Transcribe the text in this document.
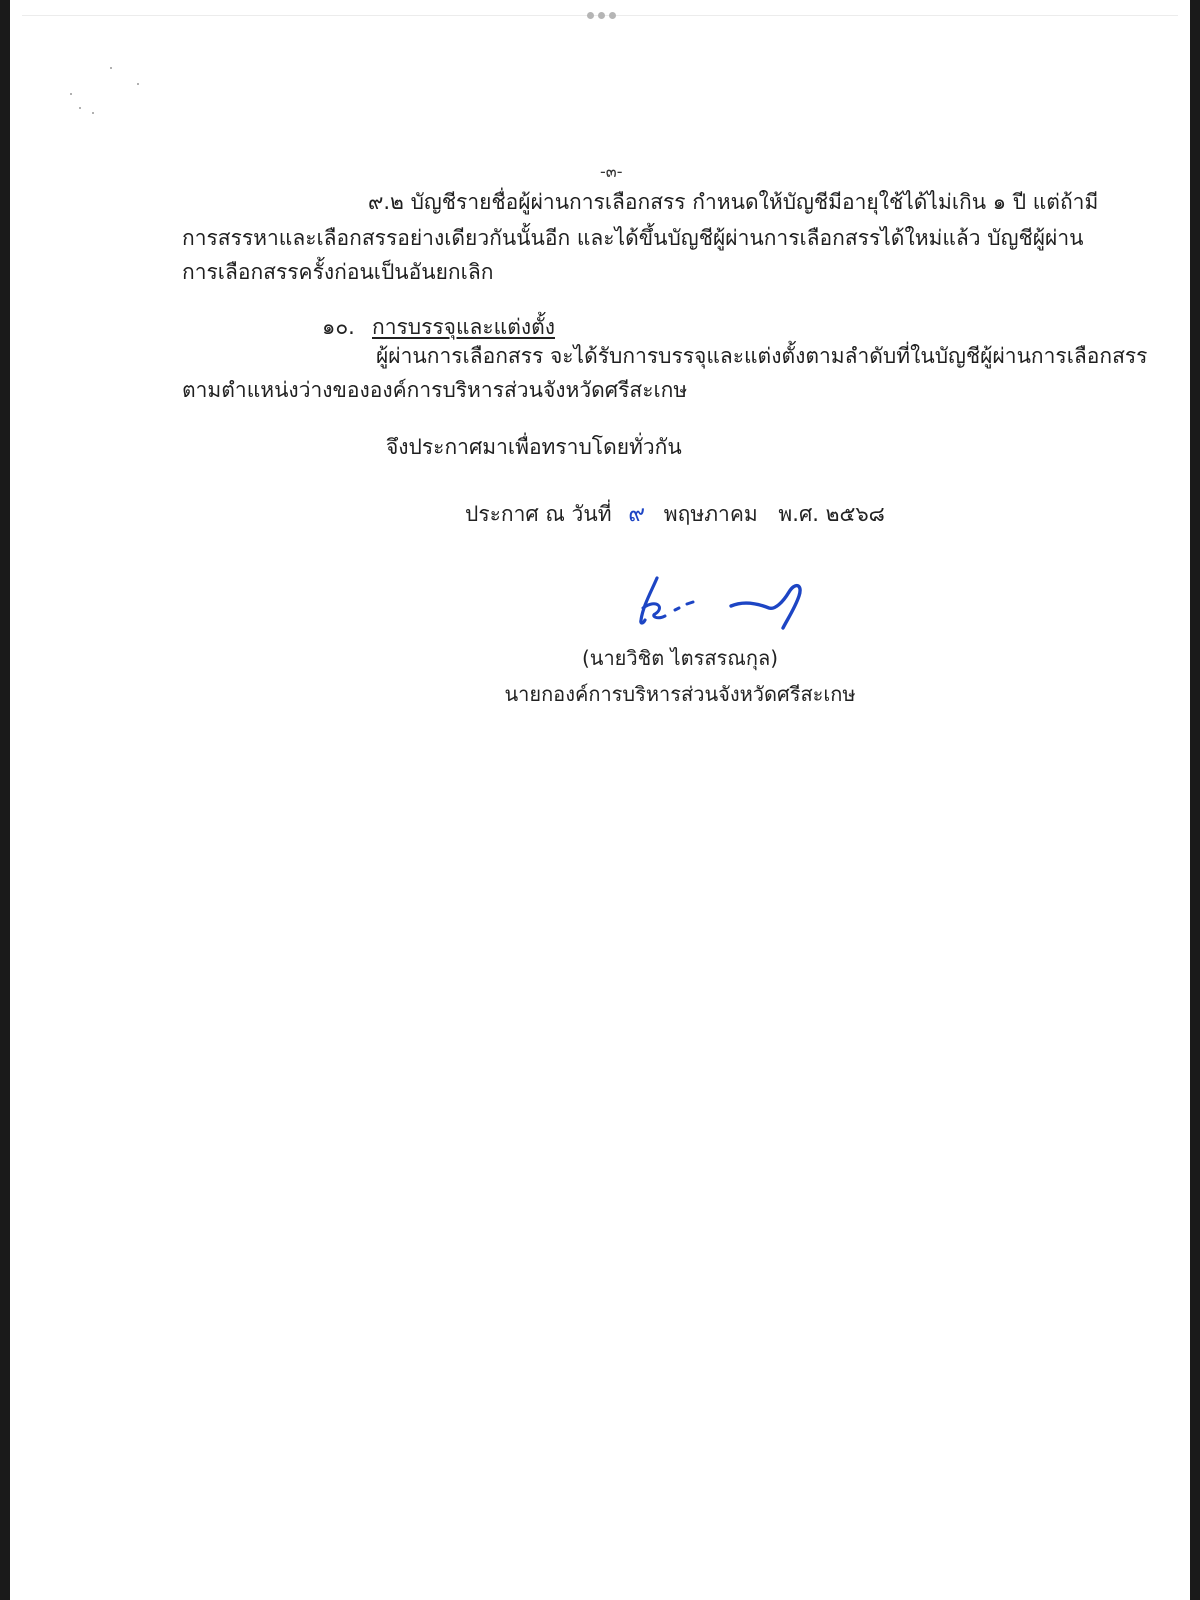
-๓-
๙.๒ บัญชีรายชื่อผู้ผ่านการเลือกสรร กำหนดให้บัญชีมีอายุใช้ได้ไม่เกิน ๑ ปี แต่ถ้ามี
การสรรหาและเลือกสรรอย่างเดียวกันนั้นอีก และได้ขึ้นบัญชีผู้ผ่านการเลือกสรรได้ใหม่แล้ว บัญชีผู้ผ่าน
การเลือกสรรครั้งก่อนเป็นอันยกเลิก
๑๐. การบรรจุและแต่งตั้ง
ผู้ผ่านการเลือกสรร จะได้รับการบรรจุและแต่งตั้งตามลำดับที่ในบัญชีผู้ผ่านการเลือกสรร
ตามตำแหน่งว่างขององค์การบริหารส่วนจังหวัดศรีสะเกษ
จึงประกาศมาเพื่อทราบโดยทั่วกัน
ประกาศ ณ วันที่ ๙ พฤษภาคม พ.ศ. ๒๕๖๘
(นายวิชิต ไตรสรณกุล)
นายกองค์การบริหารส่วนจังหวัดศรีสะเกษ
